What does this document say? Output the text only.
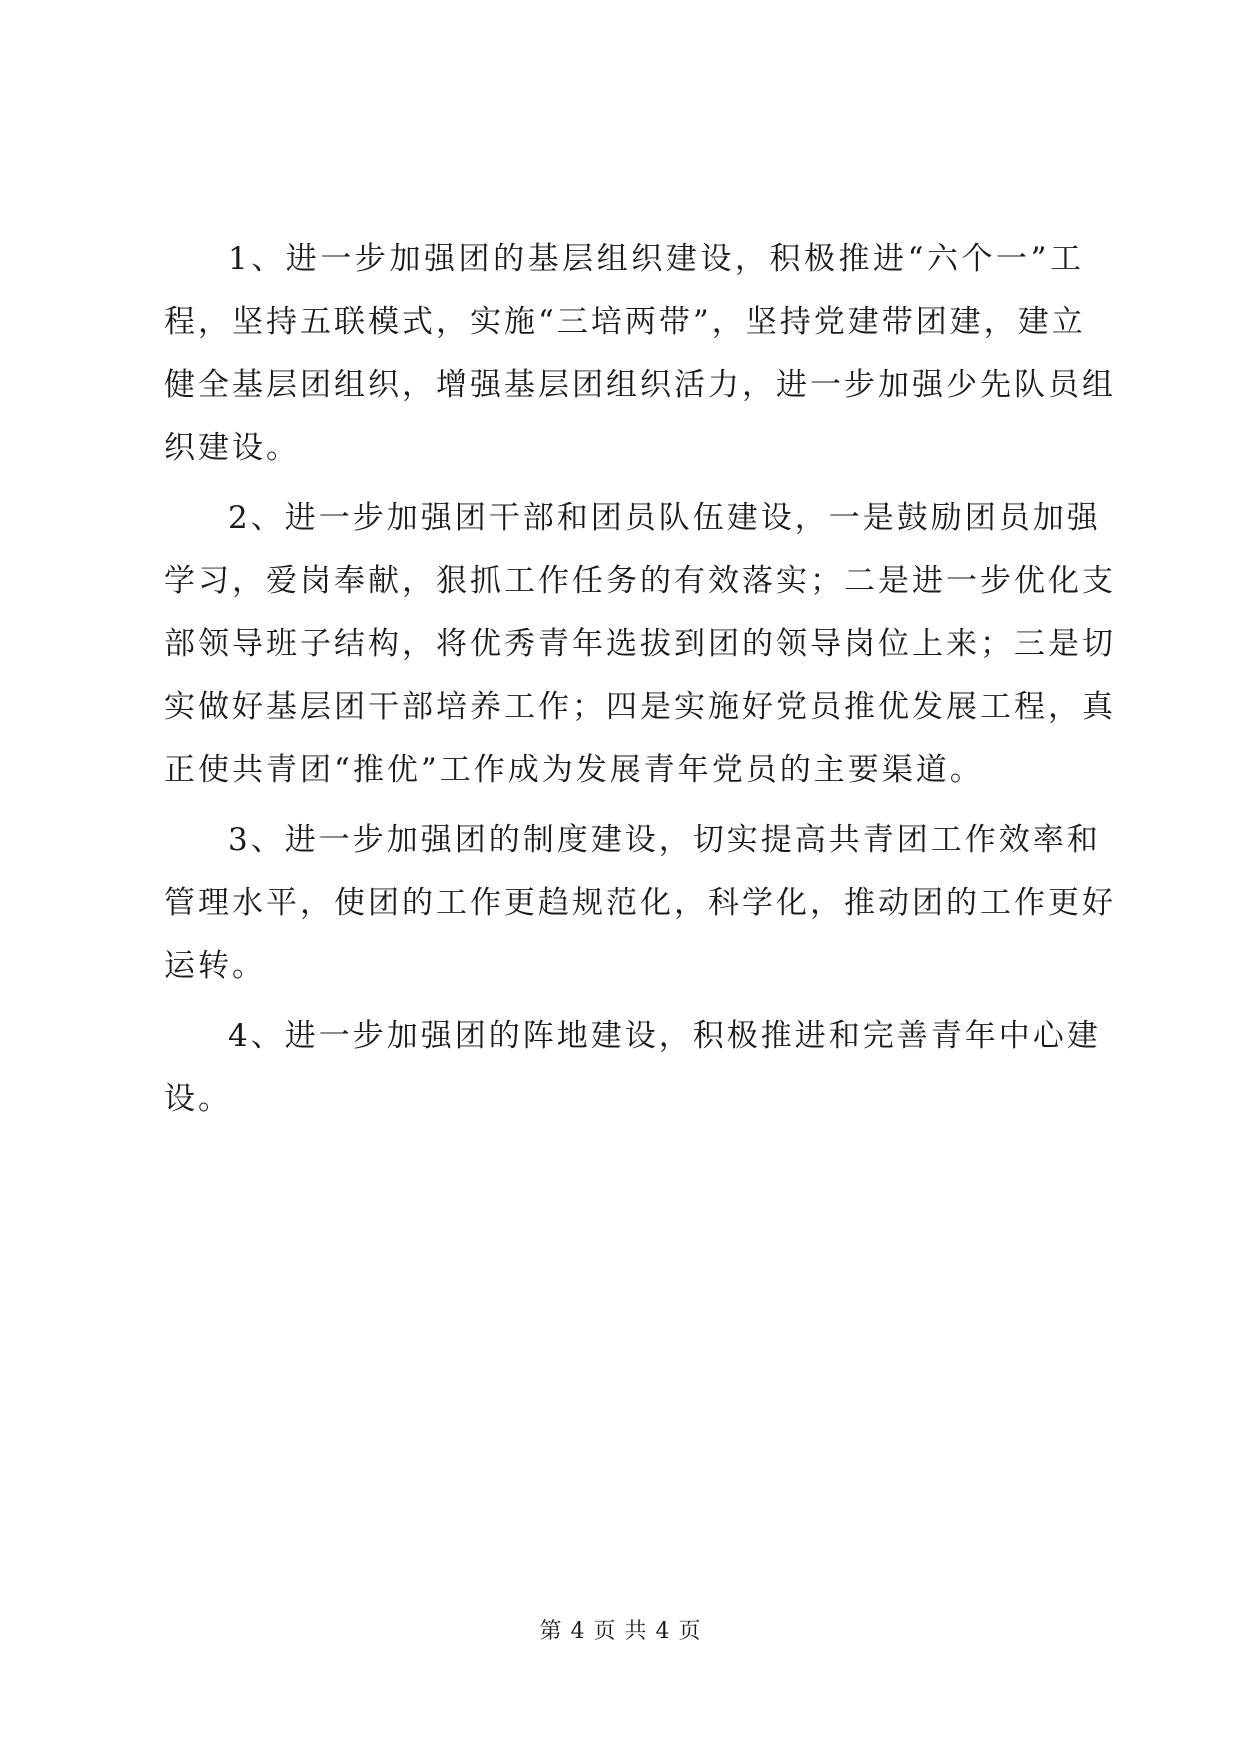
1、进一步加强团的基层组织建设，积极推进“六个一”工
程，坚持五联模式，实施“三培两带”，坚持党建带团建，建立
健全基层团组织，增强基层团组织活力，进一步加强少先队员组
织建设。

2、进一步加强团干部和团员队伍建设，一是鼓励团员加强
学习，爱岗奉献，狠抓工作任务的有效落实；二是进一步优化支
部领导班子结构，将优秀青年选拔到团的领导岗位上来；三是切
实做好基层团干部培养工作；四是实施好党员推优发展工程，真
正使共青团“推优”工作成为发展青年党员的主要渠道。

3、进一步加强团的制度建设，切实提高共青团工作效率和
管理水平，使团的工作更趋规范化，科学化，推动团的工作更好
运转。

4、进一步加强团的阵地建设，积极推进和完善青年中心建
设。

第 4 页 共 4 页
